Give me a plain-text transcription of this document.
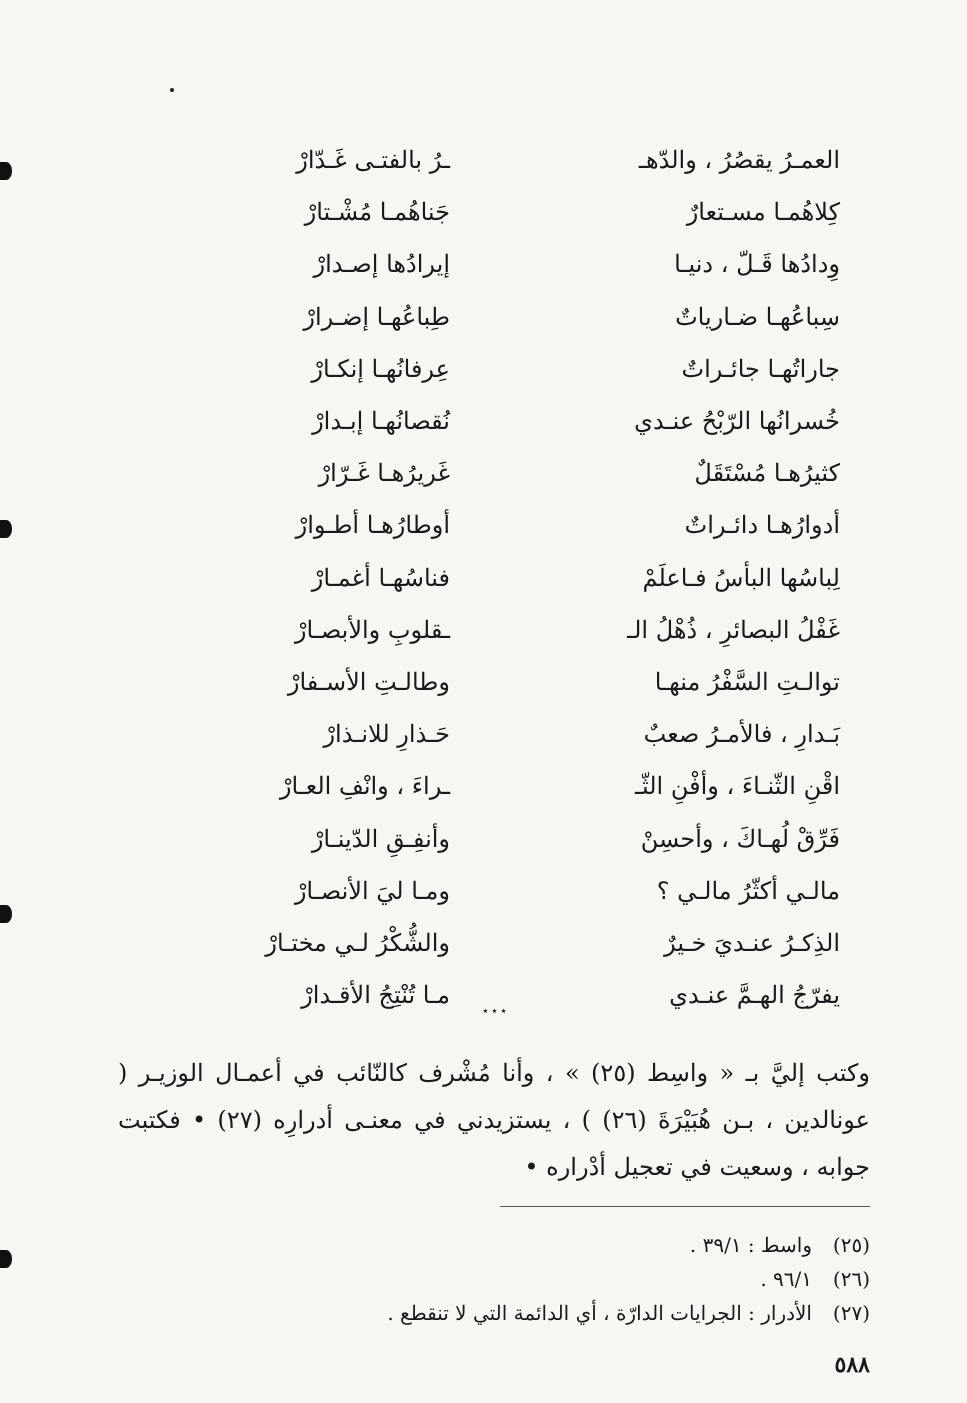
العمـرُ يقصُرُ ، والدّهـ
ـرُ بالفتـى غَـدّارْ
كِلاهُمـا مسـتعارٌ
جَناهُمـا مُشْـتارْ
وِدادُها قَـلّ ، دنيـا
إيرادُها إصـدارْ
سِباعُهـا ضـارياتٌ
طِباعُهـا إضـرارْ
جاراتُهـا جائـراتٌ
عِرفانُهـا إنكـارْ
خُسرانُها الرّبْحُ عنـدي
نُقصانُهـا إبـدارْ
كثيرُهـا مُسْتَقَلٌ
غَريرُهـا غَـرّارْ
أدوارُهـا دائـراتٌ
أوطارُهـا أطـوارْ
لِباسُها البأسُ فـاعلَمْ
فناسُهـا أغمـارْ
غَفْلُ البصائرِ ، ذُهْلُ الـ
ـقلوبِ والأبصـارْ
توالـتِ السَّفْرُ منهـا
وطالـتِ الأسـفارْ
بَـدارِ ، فالأمـرُ صعبٌ
حَـذارِ للانـذارْ
اقْنِ الثّنـاءَ ، وأفْنِ الثّـ
ـراءَ ، وانْفِ العـارْ
فَرِّقْ لُهـاكَ ، وأحسِنْ
وأنفِـقِ الدّينـارْ
مالـي أكثّرُ مالـي ؟
ومـا ليَ الأنصـارْ
الذِكـرُ عنـديَ خـيرٌ
والشُّكْرُ لـي مختـارْ
يفرّجُ الهـمَّ عنـدي
مـا تُنْتِجُ الأقـدارْ
⋆⋆⋆

وكتب إليَّ بـ « واسِط (٢٥) » ، وأنا مُشْرف كالنّائب في أعمـال الوزيـر ( عونالدين ، بـن هُبَيْرَةَ (٢٦) ) ، يستزيدني في معنـى أدرارِه (٢٧) • فكتبت جوابه ، وسعيت في تعجيل أدْراره •

(٢٥)
واسط : ٣٩/١ .
(٢٦)
٩٦/١ .
(٢٧)
الأدرار : الجرايات الدارّة ، أي الدائمة التي لا تنقطع .
٥٨٨
